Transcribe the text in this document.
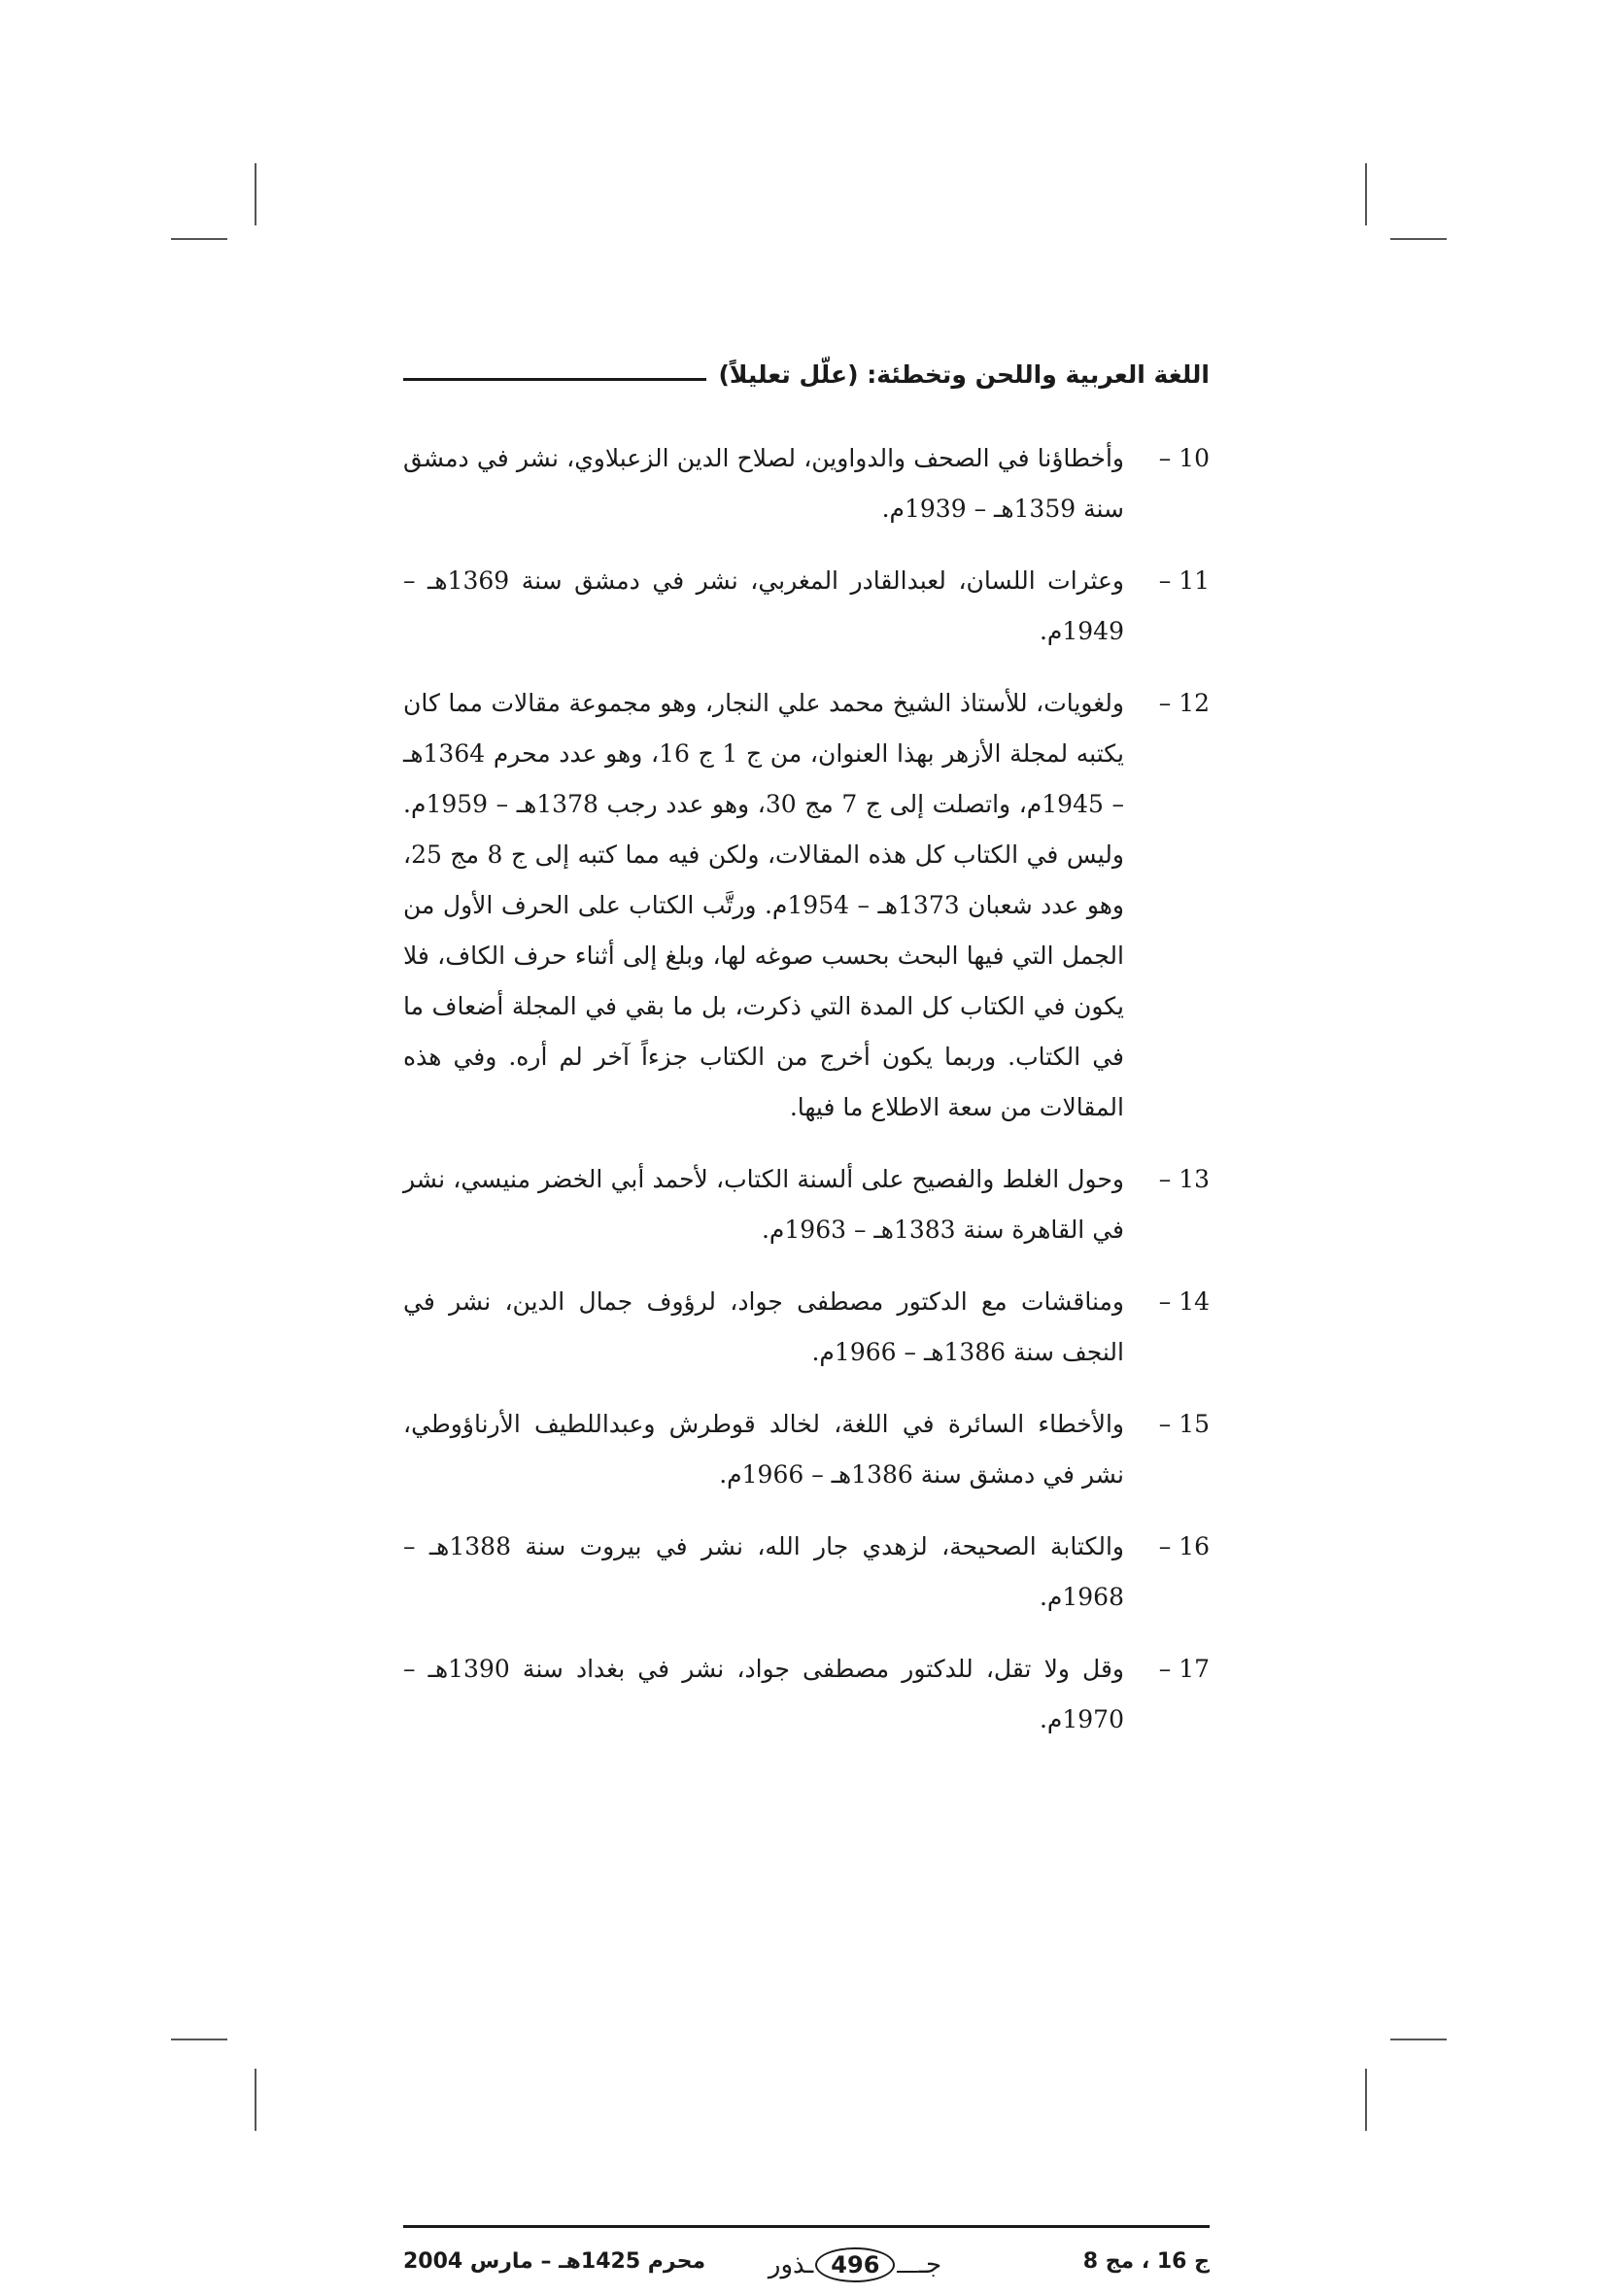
اللغة العربية واللحن وتخطئة: (علّل تعليلاً)
10 –
وأخطاؤنا في الصحف والدواوين، لصلاح الدين الزعبلاوي، نشر في دمشق سنة 1359هـ – 1939م.
11 –
وعثرات اللسان، لعبدالقادر المغربي، نشر في دمشق سنة 1369هـ – 1949م.
12 –
ولغويات، للأستاذ الشيخ محمد علي النجار، وهو مجموعة مقالات مما كان يكتبه لمجلة الأزهر بهذا العنوان، من ج 1 ج 16، وهو عدد محرم 1364هـ – 1945م، واتصلت إلى ج 7 مج 30، وهو عدد رجب 1378هـ – 1959م. وليس في الكتاب كل هذه المقالات، ولكن فيه مما كتبه إلى ج 8 مج 25، وهو عدد شعبان 1373هـ – 1954م. ورتَّب الكتاب على الحرف الأول من الجمل التي فيها البحث بحسب صوغه لها، وبلغ إلى أثناء حرف الكاف، فلا يكون في الكتاب كل المدة التي ذكرت، بل ما بقي في المجلة أضعاف ما في الكتاب. وربما يكون أخرج من الكتاب جزءاً آخر لم أره. وفي هذه المقالات من سعة الاطلاع ما فيها.
13 –
وحول الغلط والفصيح على ألسنة الكتاب، لأحمد أبي الخضر منيسي، نشر في القاهرة سنة 1383هـ – 1963م.
14 –
ومناقشات مع الدكتور مصطفى جواد، لرؤوف جمال الدين، نشر في النجف سنة 1386هـ – 1966م.
15 –
والأخطاء السائرة في اللغة، لخالد قوطرش وعبداللطيف الأرناؤوطي، نشر في دمشق سنة 1386هـ – 1966م.
16 –
والكتابة الصحيحة، لزهدي جار الله، نشر في بيروت سنة 1388هـ – 1968م.
17 –
وقل ولا تقل، للدكتور مصطفى جواد، نشر في بغداد سنة 1390هـ – 1970م.
ج 16 ، مج 8
جـ
496
ـذور
محرم 1425هـ – مارس 2004
